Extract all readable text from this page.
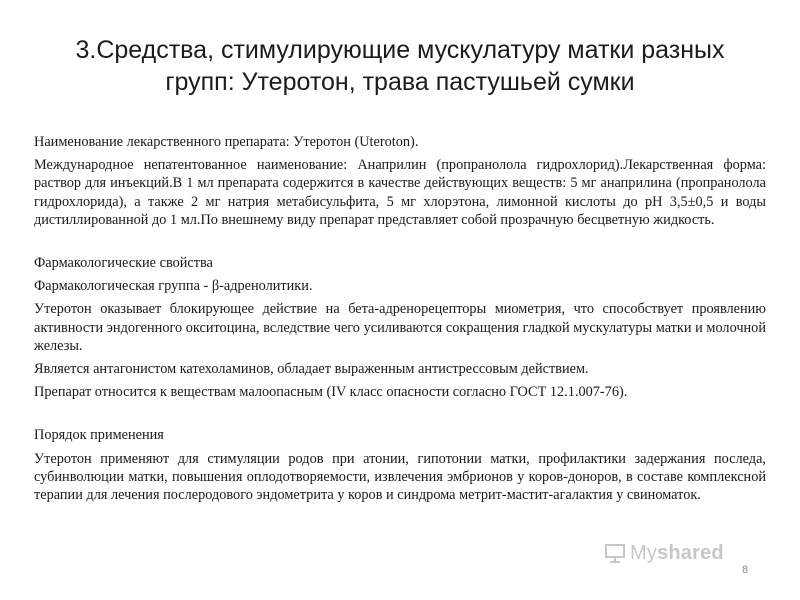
3.Средства, стимулирующие мускулатуру матки разных групп: Утеротон, трава пастушьей сумки

Наименование лекарственного препарата: Утеротон (Uteroton).

Международное непатентованное наименование: Анаприлин (пропранолола гидрохлорид).Лекарственная форма: раствор для инъекций.В 1 мл препарата содержится в качестве действующих веществ: 5 мг анаприлина (пропранолола гидрохлорида), а также 2 мг натрия метабисульфита, 5 мг хлорэтона, лимонной кислоты до pH 3,5±0,5 и воды дистиллированной до 1 мл.По внешнему виду препарат представляет собой прозрачную бесцветную жидкость.

Фармакологические свойства

Фармакологическая группа - β-адренолитики.

Утеротон оказывает блокирующее действие на бета-адренорецепторы миометрия, что способствует проявлению активности эндогенного окситоцина, вследствие чего усиливаются сокращения гладкой мускулатуры матки и молочной железы.

Является антагонистом катехоламинов, обладает выраженным антистрессовым действием.

Препарат относится к веществам малоопасным (IV класс опасности согласно ГОСТ 12.1.007-76).

Порядок применения

Утеротон применяют для стимуляции родов при атонии, гипотонии матки, профилактики задержания последа, субинволюции матки, повышения оплодотворяемости, извлечения эмбрионов у коров-доноров, в составе комплексной терапии для лечения послеродового эндометрита у коров и синдрома метрит-мастит-агалактия у свиноматок.

Myshared
8
